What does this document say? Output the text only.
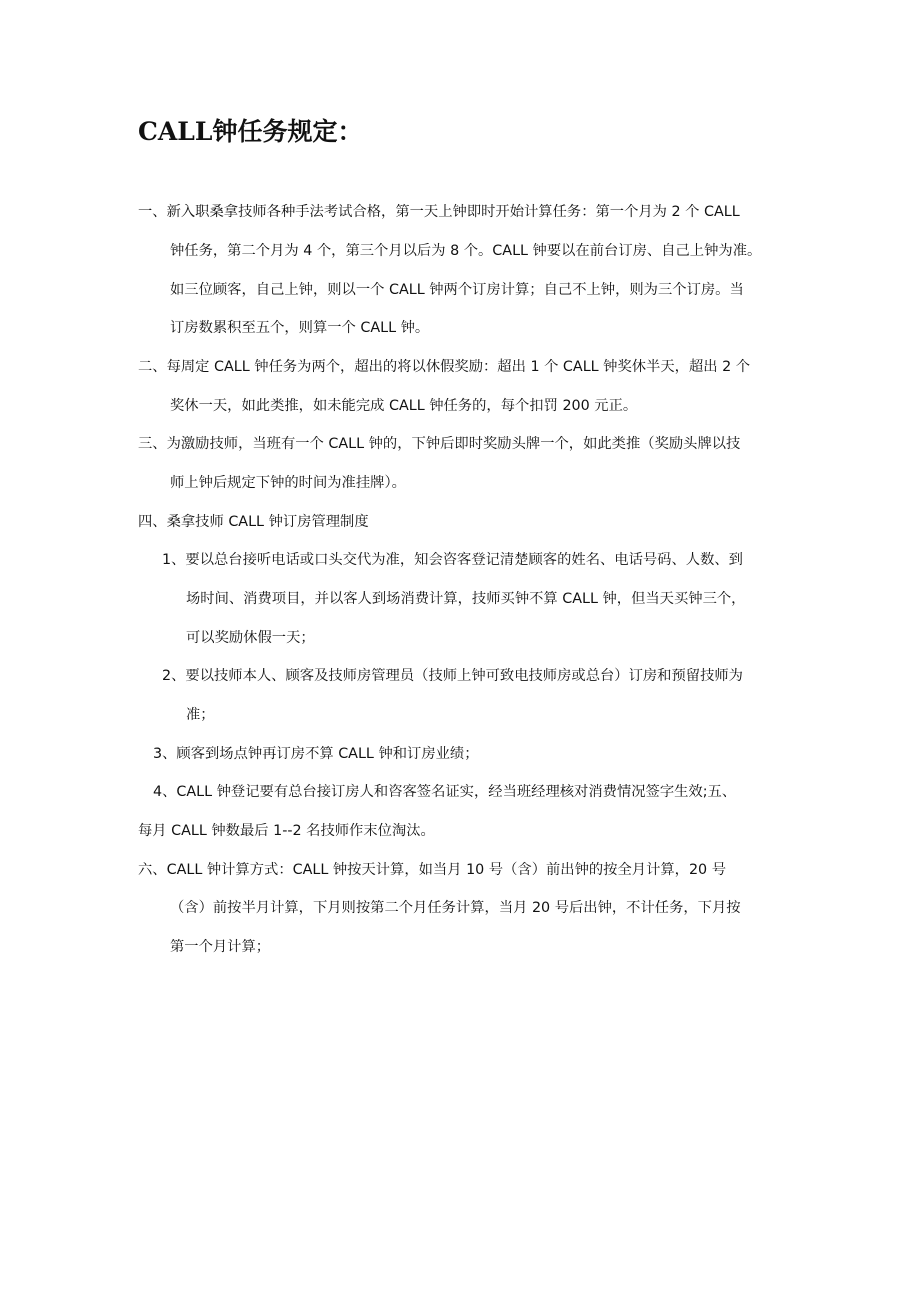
CALL钟任务规定：
一、新入职桑拿技师各种手法考试合格，第一天上钟即时开始计算任务：第一个月为 2 个 CALL
钟任务，第二个月为 4 个，第三个月以后为 8 个。CALL 钟要以在前台订房、自己上钟为准。
如三位顾客，自己上钟，则以一个 CALL 钟两个订房计算；自己不上钟，则为三个订房。当
订房数累积至五个，则算一个 CALL 钟。
二、每周定 CALL 钟任务为两个，超出的将以休假奖励：超出 1 个 CALL 钟奖休半天，超出 2 个
奖休一天，如此类推，如未能完成 CALL 钟任务的，每个扣罚 200 元正。
三、为激励技师，当班有一个 CALL 钟的，下钟后即时奖励头牌一个，如此类推（奖励头牌以技
师上钟后规定下钟的时间为准挂牌）。
四、桑拿技师 CALL 钟订房管理制度
1、要以总台接听电话或口头交代为准，知会咨客登记清楚顾客的姓名、电话号码、人数、到
场时间、消费项目，并以客人到场消费计算，技师买钟不算 CALL 钟，但当天买钟三个，
可以奖励休假一天；
2、要以技师本人、顾客及技师房管理员（技师上钟可致电技师房或总台）订房和预留技师为
准；
3、顾客到场点钟再订房不算 CALL 钟和订房业绩；
4、CALL 钟登记要有总台接订房人和咨客签名证实，经当班经理核对消费情况签字生效;五、
每月 CALL 钟数最后 1--2 名技师作末位淘汰。
六、CALL 钟计算方式：CALL 钟按天计算，如当月 10 号（含）前出钟的按全月计算，20 号
（含）前按半月计算，下月则按第二个月任务计算，当月 20 号后出钟，不计任务，下月按
第一个月计算；
